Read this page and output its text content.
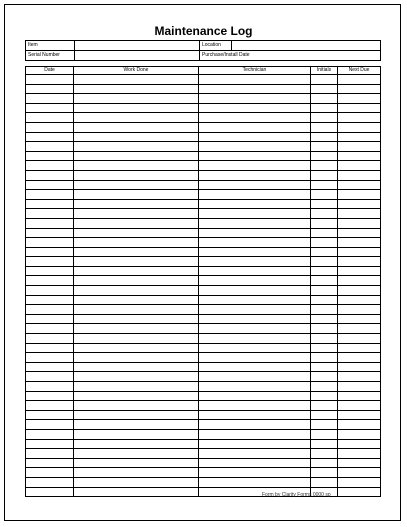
Maintenance Log
Item		Location	
Serial Number		Purchase/Install Date	
Date	Work Done	Technician	Initials	Next Due

Form by Clarity Forms 0000 sp
